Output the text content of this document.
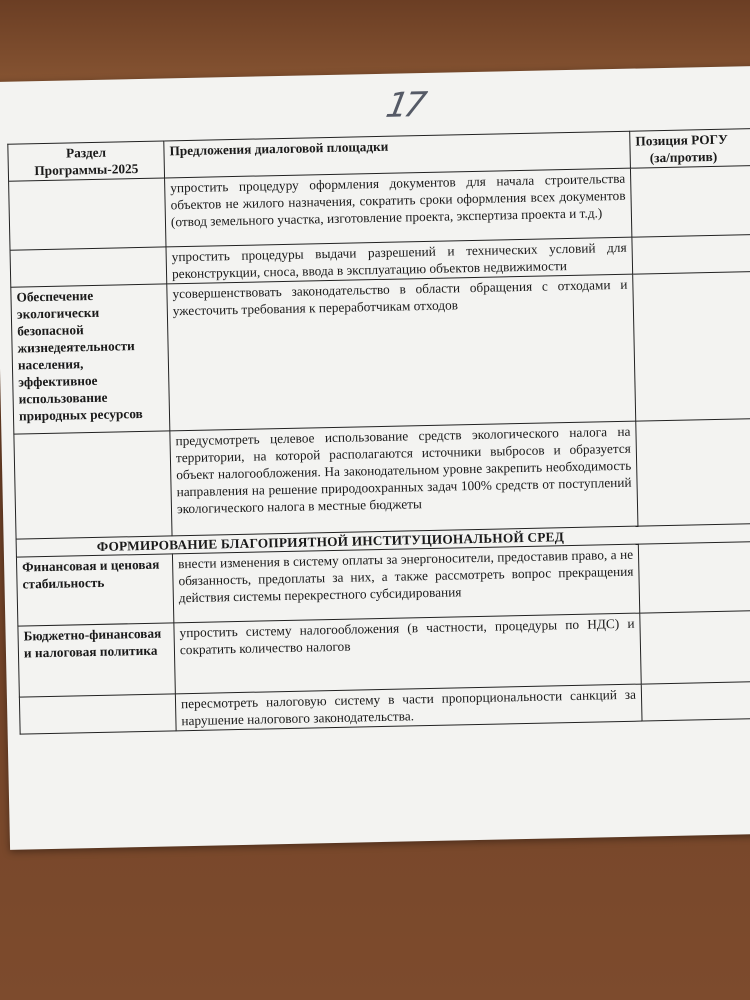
17
Раздел
Программы-2025	Предложения диалоговой площадки	Позиция РОГУ
(за/против)
	упростить процедуру оформления документов для начала строительства объектов не жилого назначения, сократить сроки оформления всех документов (отвод земельного участка, изготовление проекта, экспертиза проекта и т.д.)	
	упростить процедуры выдачи разрешений и технических условий для реконструкции, сноса, ввода в эксплуатацию объектов недвижимости	
Обеспечение экологически безопасной жизнедеятельности населения, эффективное использование природных ресурсов	усовершенствовать законодательство в области обращения с отходами и ужесточить требования к переработчикам отходов	
	предусмотреть целевое использование средств экологического налога на территории, на которой располагаются источники выбросов и образуется объект налогообложения. На законодательном уровне закрепить необходимость направления на решение природоохранных задач 100% средств от поступлений экологического налога в местные бюджеты	
ФОРМИРОВАНИЕ БЛАГОПРИЯТНОЙ ИНСТИТУЦИОНАЛЬНОЙ СРЕД		
Финансовая и ценовая стабильность	внести изменения в систему оплаты за энергоносители, предоставив право, а не обязанность, предоплаты за них, а также рассмотреть вопрос прекращения действия системы перекрестного субсидирования	
Бюджетно-финансовая и налоговая политика	упростить систему налогообложения (в частности, процедуры по НДС) и сократить количество налогов	
	пересмотреть налоговую систему в части пропорциональности санкций за нарушение налогового законодательства.	
